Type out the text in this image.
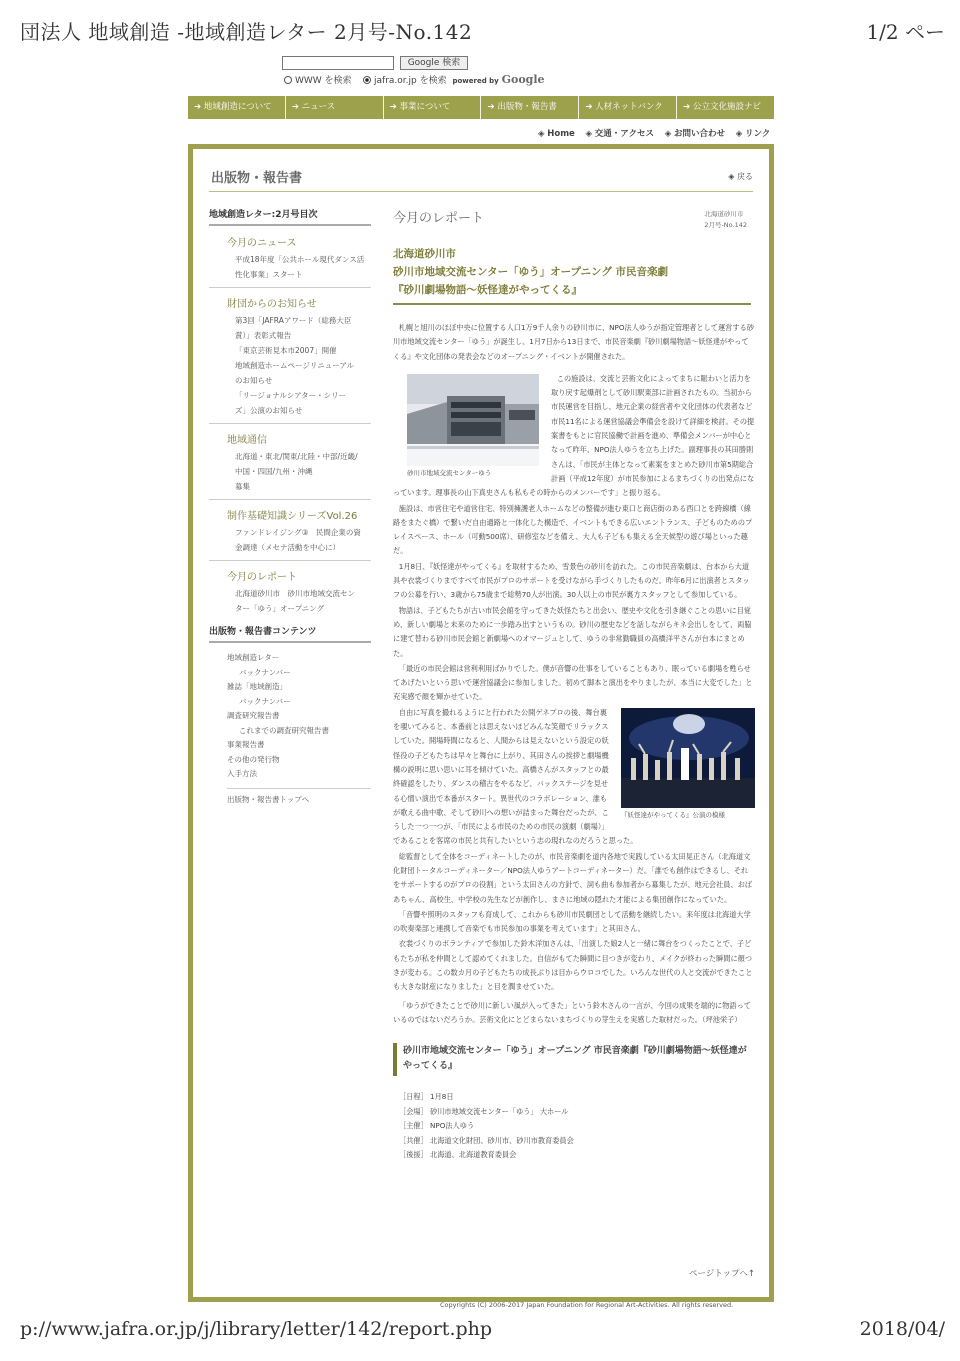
団法人 地域創造 -地域創造レター 2月号-No.142	1/2 ペー
Google 検索
WWW を検索 jafra.or.jp を検索 powered by Google
➔ 地域創造について	➔ ニュース	➔ 事業について	➔ 出版物・報告書	➔ 人材ネットバンク	➔ 公立文化施設ナビ
◈ Home ◈ 交通・アクセス ◈ お問い合わせ ◈ リンク
出版物・報告書	◈ 戻る
地域創造レター:2月号目次
今月のニュース
平成18年度「公共ホール現代ダンス活
性化事業」スタート
財団からのお知らせ
第3回「JAFRAアワード（総務大臣
賞）」表彰式報告
「東京芸術見本市2007」開催
地域創造ホームページリニューアル
のお知らせ
「リージョナルシアター・シリー
ズ」公演のお知らせ
地域通信
北海道・東北/関東/北陸・中部/近畿/
中国・四国/九州・沖縄
募集
制作基礎知識シリーズVol.26
ファンドレイジング③　民間企業の資
金調達（メセナ活動を中心に）
今月のレポート
北海道砂川市　砂川市地域交流セン
ター「ゆう」オープニング
出版物・報告書コンテンツ
地域創造レター
バックナンバー
雑誌「地域創造」
バックナンバー
調査研究報告書
これまでの調査研究報告書
事業報告書
その他の発行物
入手方法
出版物・報告書トップへ
今月のレポート	北海道砂川市
2月号-No.142
北海道砂川市
砂川市地域交流センター「ゆう」オープニング 市民音楽劇
『砂川劇場物語～妖怪達がやってくる』

札幌と旭川のほぼ中央に位置する人口1万9千人余りの砂川市に、NPO法人ゆうが指定管理者として運営する砂川市地域交流センター「ゆう」が誕生し、1月7日から13日まで、市民音楽劇『砂川劇場物語～妖怪達がやってくる』や文化団体の発表会などのオープニング・イベントが開催された。

砂川市地域交流センターゆう

この施設は、交流と芸術文化によってまちに賑わいと活力を取り戻す起爆剤として砂川駅東部に計画されたもの。当初から市民運営を目指し、地元企業の経営者や文化団体の代表者など市民11名による運営協議会準備会を設けて詳細を検討。その提案書をもとに官民協働で計画を進め、準備会メンバーが中心となって昨年、NPO法人ゆうを立ち上げた。副理事長の其田勝則さんは、「市民が主体となって素案をまとめた砂川市第5期総合計画（平成12年度）が市民参加によるまちづくりの出発点になっています。理事長の山下真史さんも私もその時からのメンバーです」と振り返る。

施設は、市営住宅や道営住宅、特別擁護老人ホームなどの整備が進む東口と商店街のある西口とを跨線橋（線路をまたぐ橋）で繋いだ自由通路と一体化した構造で、イベントもできる広いエントランス、子どものためのプレイスペース、ホール（可動500席）、研修室などを備え、大人も子どもも集える全天候型の遊び場といった趣だ。

1月8日、『妖怪達がやってくる』を取材するため、雪景色の砂川を訪れた。この市民音楽劇は、台本から大道具や衣裳づくりまですべて市民がプロのサポートを受けながら手づくりしたものだ。昨年6月に出演者とスタッフの公募を行い、3歳から75歳まで総勢70人が出演。30人以上の市民が裏方スタッフとして参加している。

物語は、子どもたちが古い市民会館を守ってきた妖怪たちと出会い、歴史や文化を引き継ぐことの思いに目覚め、新しい劇場と未来のために一歩踏み出すというもの。砂川の歴史などを話しながらキネ会出しをして、両脇に建て替わる砂川市民会館と新劇場へのオマージュとして、ゆうの非常勤職員の高橋洋平さんが台本にまとめた。

「最近の市民会館は営利利用ばかりでした。僕が音響の仕事をしていることもあり、眠っている劇場を甦らせてあげたいという思いで運営協議会に参加しました。初めて脚本と演出をやりましたが、本当に大変でした」と充実感で顔を輝かせていた。

『妖怪達がやってくる』公演の模様

自由に写真を撮れるようにと行われた公開ゲネプロの後、舞台裏を覗いてみると、本番前とは思えないほどみんな笑顔でリラックスしていた。開場時間になると、人間からは見えないという設定の妖怪役の子どもたちは早々と舞台に上がり、其田さんの挨拶と劇場機構の説明に思い思いに耳を傾けていた。高橋さんがスタッフとの最終確認をしたり、ダンスの稽古をやるなど、バックステージを見せる心憎い演出で本番がスタート。異世代のコラボレーション、誰もが歌える曲中歌、そして砂川への想いが詰まった舞台だったが、こうした一つ一つが、「市民による市民のための市民の演劇（劇場）」であることを客席の市民と共有したいという志の現れなのだろうと思った。

総監督として全体をコーディネートしたのが、市民音楽劇を道内各地で実践している太田晃正さん（北海道文化財団トータルコーディネーター／NPO法人ゆうアートコーディネーター）だ。「誰でも創作はできるし、それをサポートするのがプロの役割」という太田さんの方針で、詞も曲も参加者から募集したが、地元会社員、おばあちゃん、高校生、中学校の先生などが創作し、まさに地域の隠れた才能による集団創作になっていた。

「音響や照明のスタッフも育成して、これからも砂川市民劇団として活動を継続したい。来年度は北海道大学の吹奏楽部と連携して音楽でも市民参加の事業を考えています」と其田さん。

衣裳づくりのボランティアで参加した鈴木洋加さんは、「出演した娘2人と一緒に舞台をつくったことで、子どもたちが私を仲間として認めてくれました。自信がもてた瞬間に目つきが変わり、メイクが終わった瞬間に顔つきが変わる。この数カ月の子どもたちの成長ぶりは目からウロコでした。いろんな世代の人と交流ができたことも大きな財産になりました」と目を潤ませていた。

「ゆうができたことで砂川に新しい風が入ってきた」という鈴木さんの一言が、今回の成果を端的に物語っているのではないだろうか。芸術文化にとどまらないまちづくりの芽生えを実感した取材だった。（坪池栄子）

砂川市地域交流センター「ゆう」オープニング 市民音楽劇『砂川劇場物語～妖怪達がやってくる』
［日程］ 1月8日
［会場］ 砂川市地域交流センター「ゆう」 大ホール
［主催］ NPO法人ゆう
［共催］ 北海道文化財団、砂川市、砂川市教育委員会
［後援］ 北海道、北海道教育委員会
ページトップへ↑
Copyrights (C) 2006-2017 Japan Foundation for Regional Art-Activities. All rights reserved.
p://www.jafra.or.jp/j/library/letter/142/report.php	2018/04/
